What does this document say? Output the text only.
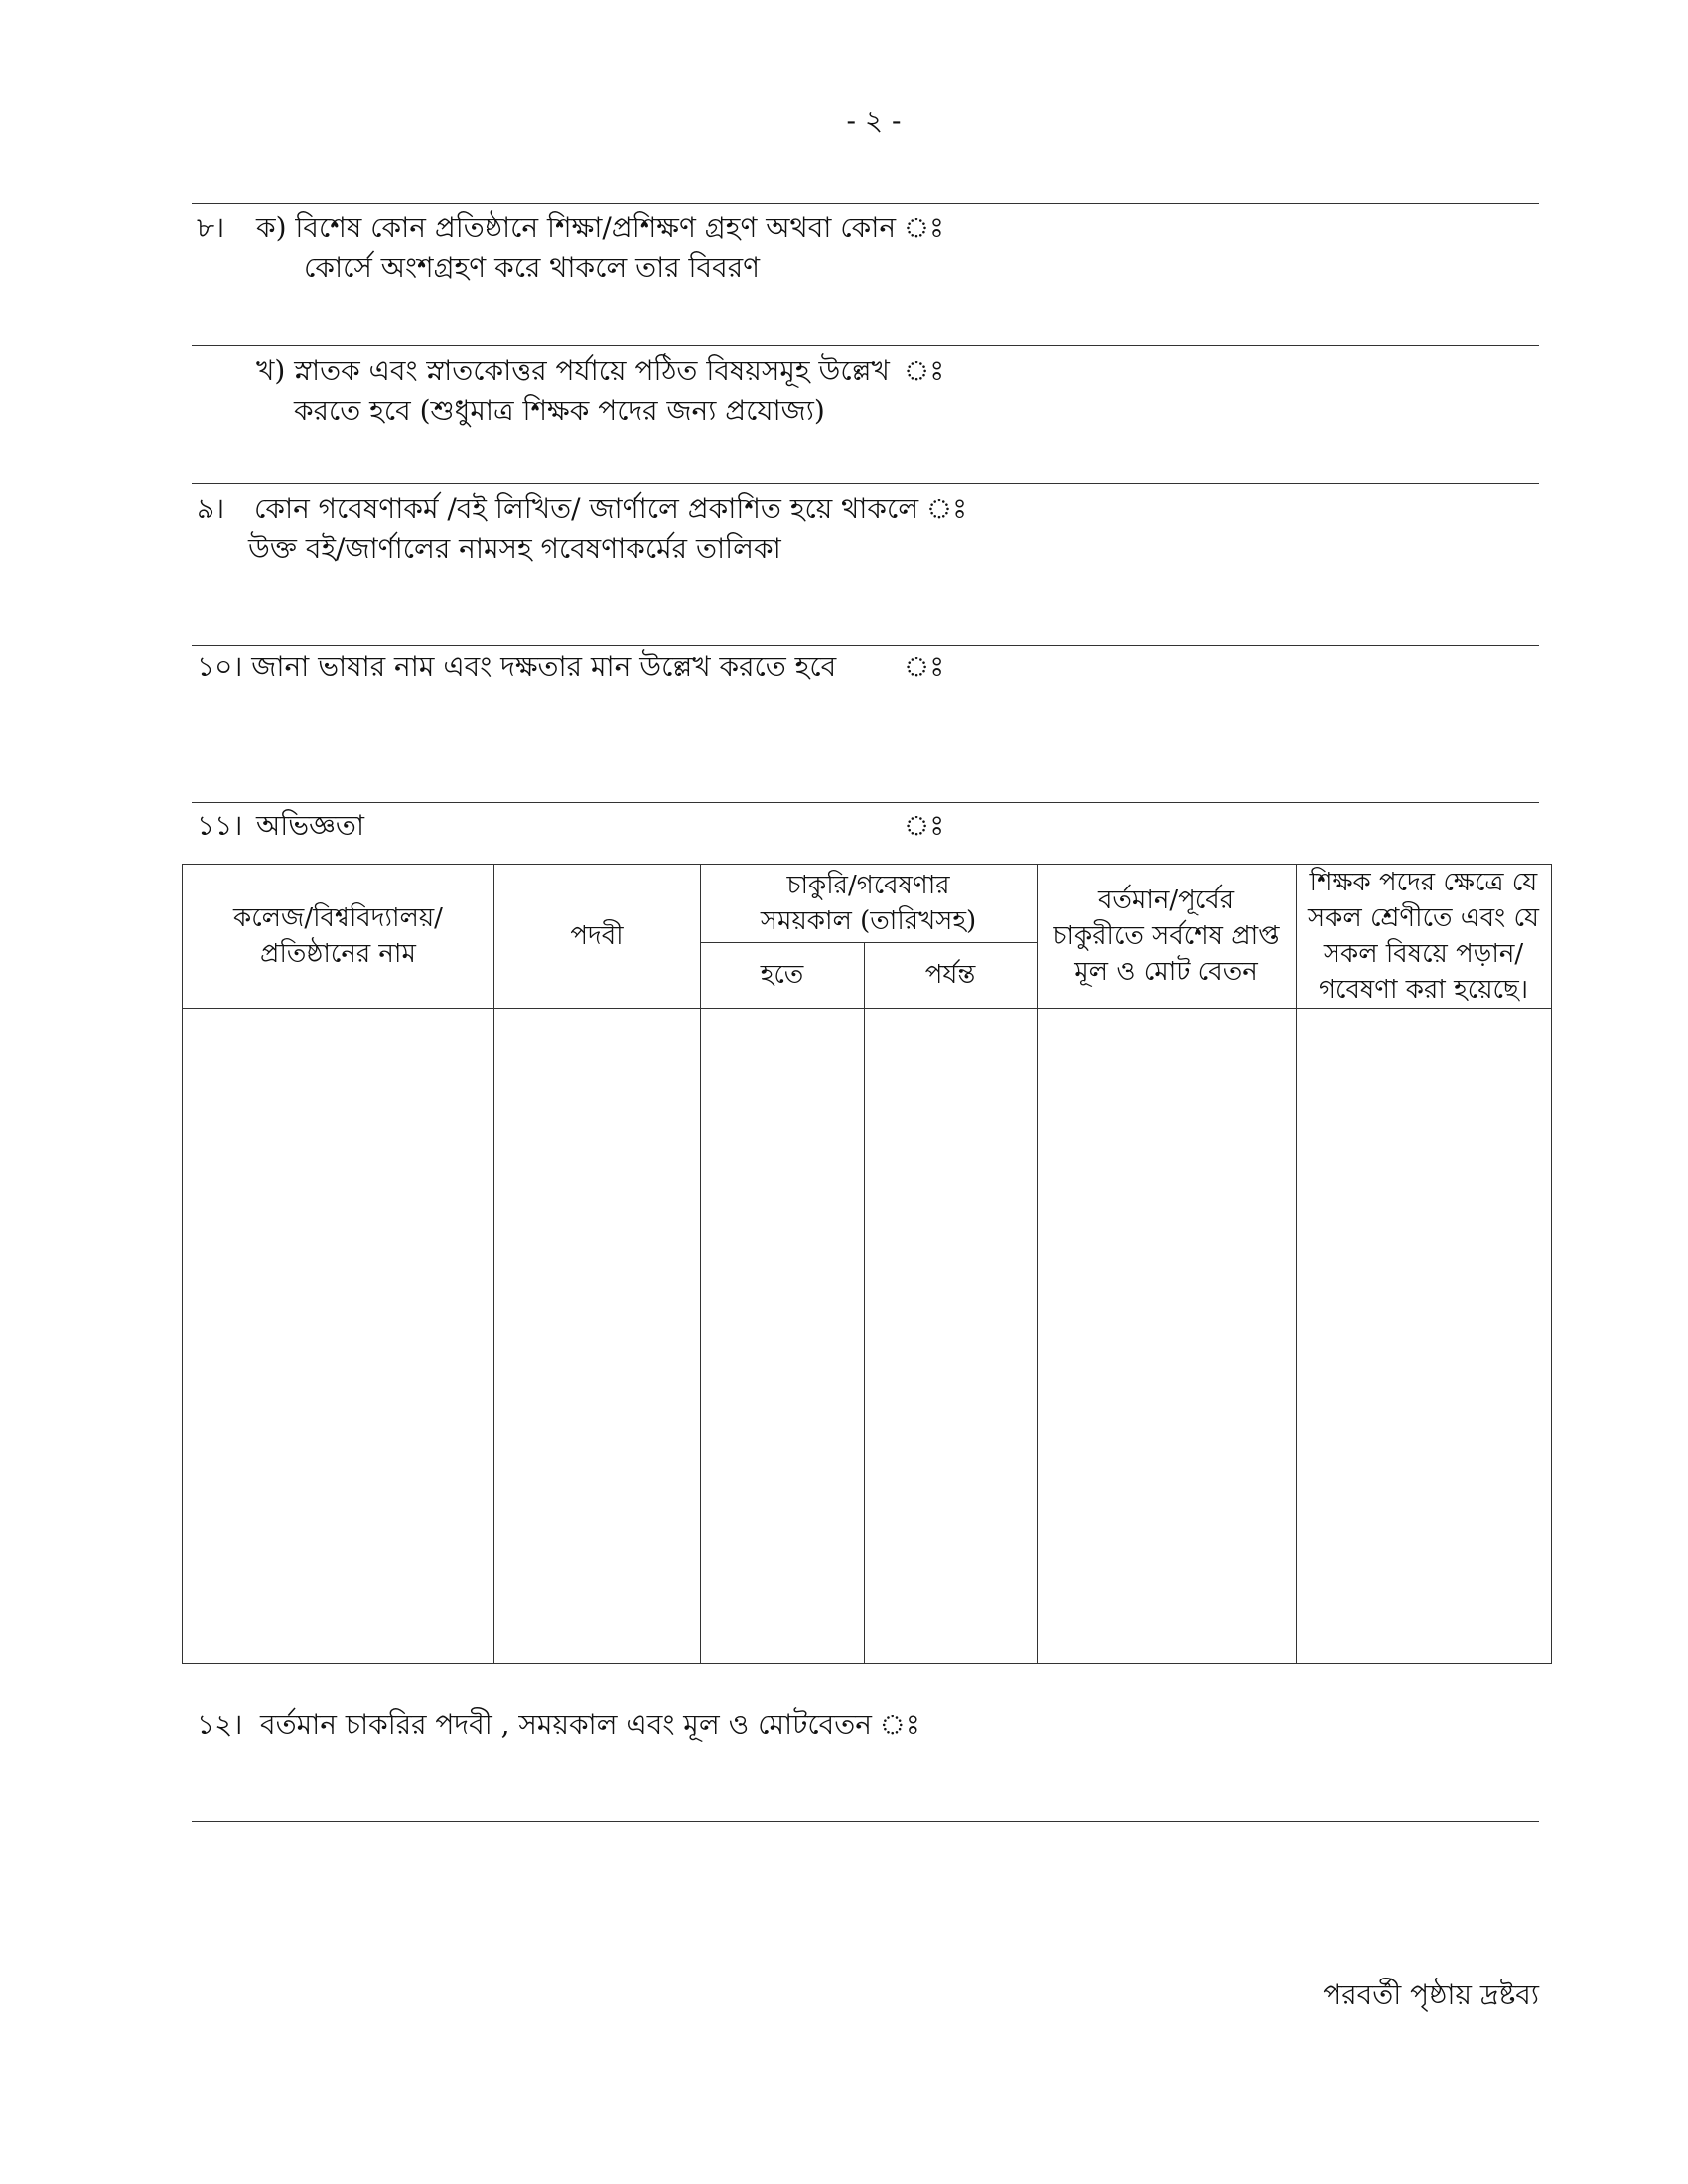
- ২ -
৮। ক) বিশেষ কোন প্রতিষ্ঠানে শিক্ষা/প্রশিক্ষণ গ্রহণ অথবা কোন ঃ
কোর্সে অংশগ্রহণ করে থাকলে তার বিবরণ
খ) স্নাতক এবং স্নাতকোত্তর পর্যায়ে পঠিত বিষয়সমূহ উল্লেখ ঃ
করতে হবে (শুধুমাত্র শিক্ষক পদের জন্য প্রযোজ্য)
৯। কোন গবেষণাকর্ম /বই লিখিত/ জার্ণালে প্রকাশিত হয়ে থাকলে ঃ
উক্ত বই/জার্ণালের নামসহ গবেষণাকর্মের তালিকা
১০। জানা ভাষার নাম এবং দক্ষতার মান উল্লেখ করতে হবে ঃ
১১। অভিজ্ঞতা	ঃ
কলেজ/বিশ্ববিদ্যালয়/
প্রতিষ্ঠানের নাম
পদবী
চাকুরি/গবেষণার
সময়কাল (তারিখসহ)
হতে	পর্যন্ত
বর্তমান/পূর্বের
চাকুরীতে সর্বশেষ প্রাপ্ত
মূল ও মোট বেতন
শিক্ষক পদের ক্ষেত্রে যে
সকল শ্রেণীতে এবং যে
সকল বিষয়ে পড়ান/
গবেষণা করা হয়েছে।
১২। বর্তমান চাকরির পদবী , সময়কাল এবং মূল ও মোটবেতন ঃ
পরবর্তী পৃষ্ঠায় দ্রষ্টব্য
